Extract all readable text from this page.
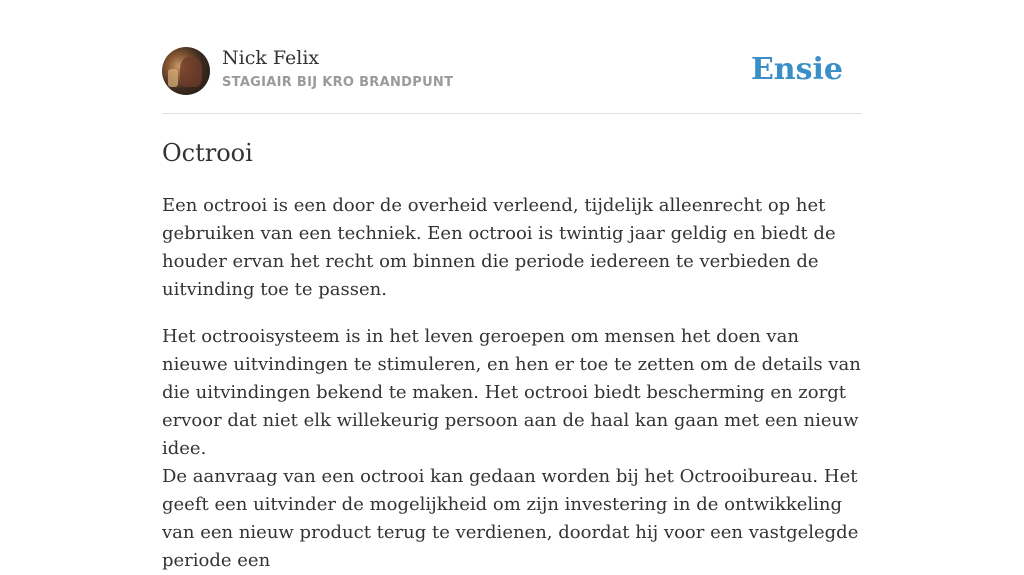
Nick Felix
STAGIAIR BIJ KRO BRANDPUNT	Ensie
Octrooi

Een octrooi is een door de overheid verleend, tijdelijk alleenrecht op het gebruiken van een techniek. Een octrooi is twintig jaar geldig en biedt de houder ervan het recht om binnen die periode iedereen te verbieden de uitvinding toe te passen.

Het octrooisysteem is in het leven geroepen om mensen het doen van nieuwe uitvindingen te stimuleren, en hen er toe te zetten om de details van die uitvindingen bekend te maken. Het octrooi biedt bescherming en zorgt ervoor dat niet elk willekeurig persoon aan de haal kan gaan met een nieuw idee.
De aanvraag van een octrooi kan gedaan worden bij het Octrooibureau. Het geeft een uitvinder de mogelijkheid om zijn investering in de ontwikkeling van een nieuw product terug te verdienen, doordat hij voor een vastgelegde periode een
